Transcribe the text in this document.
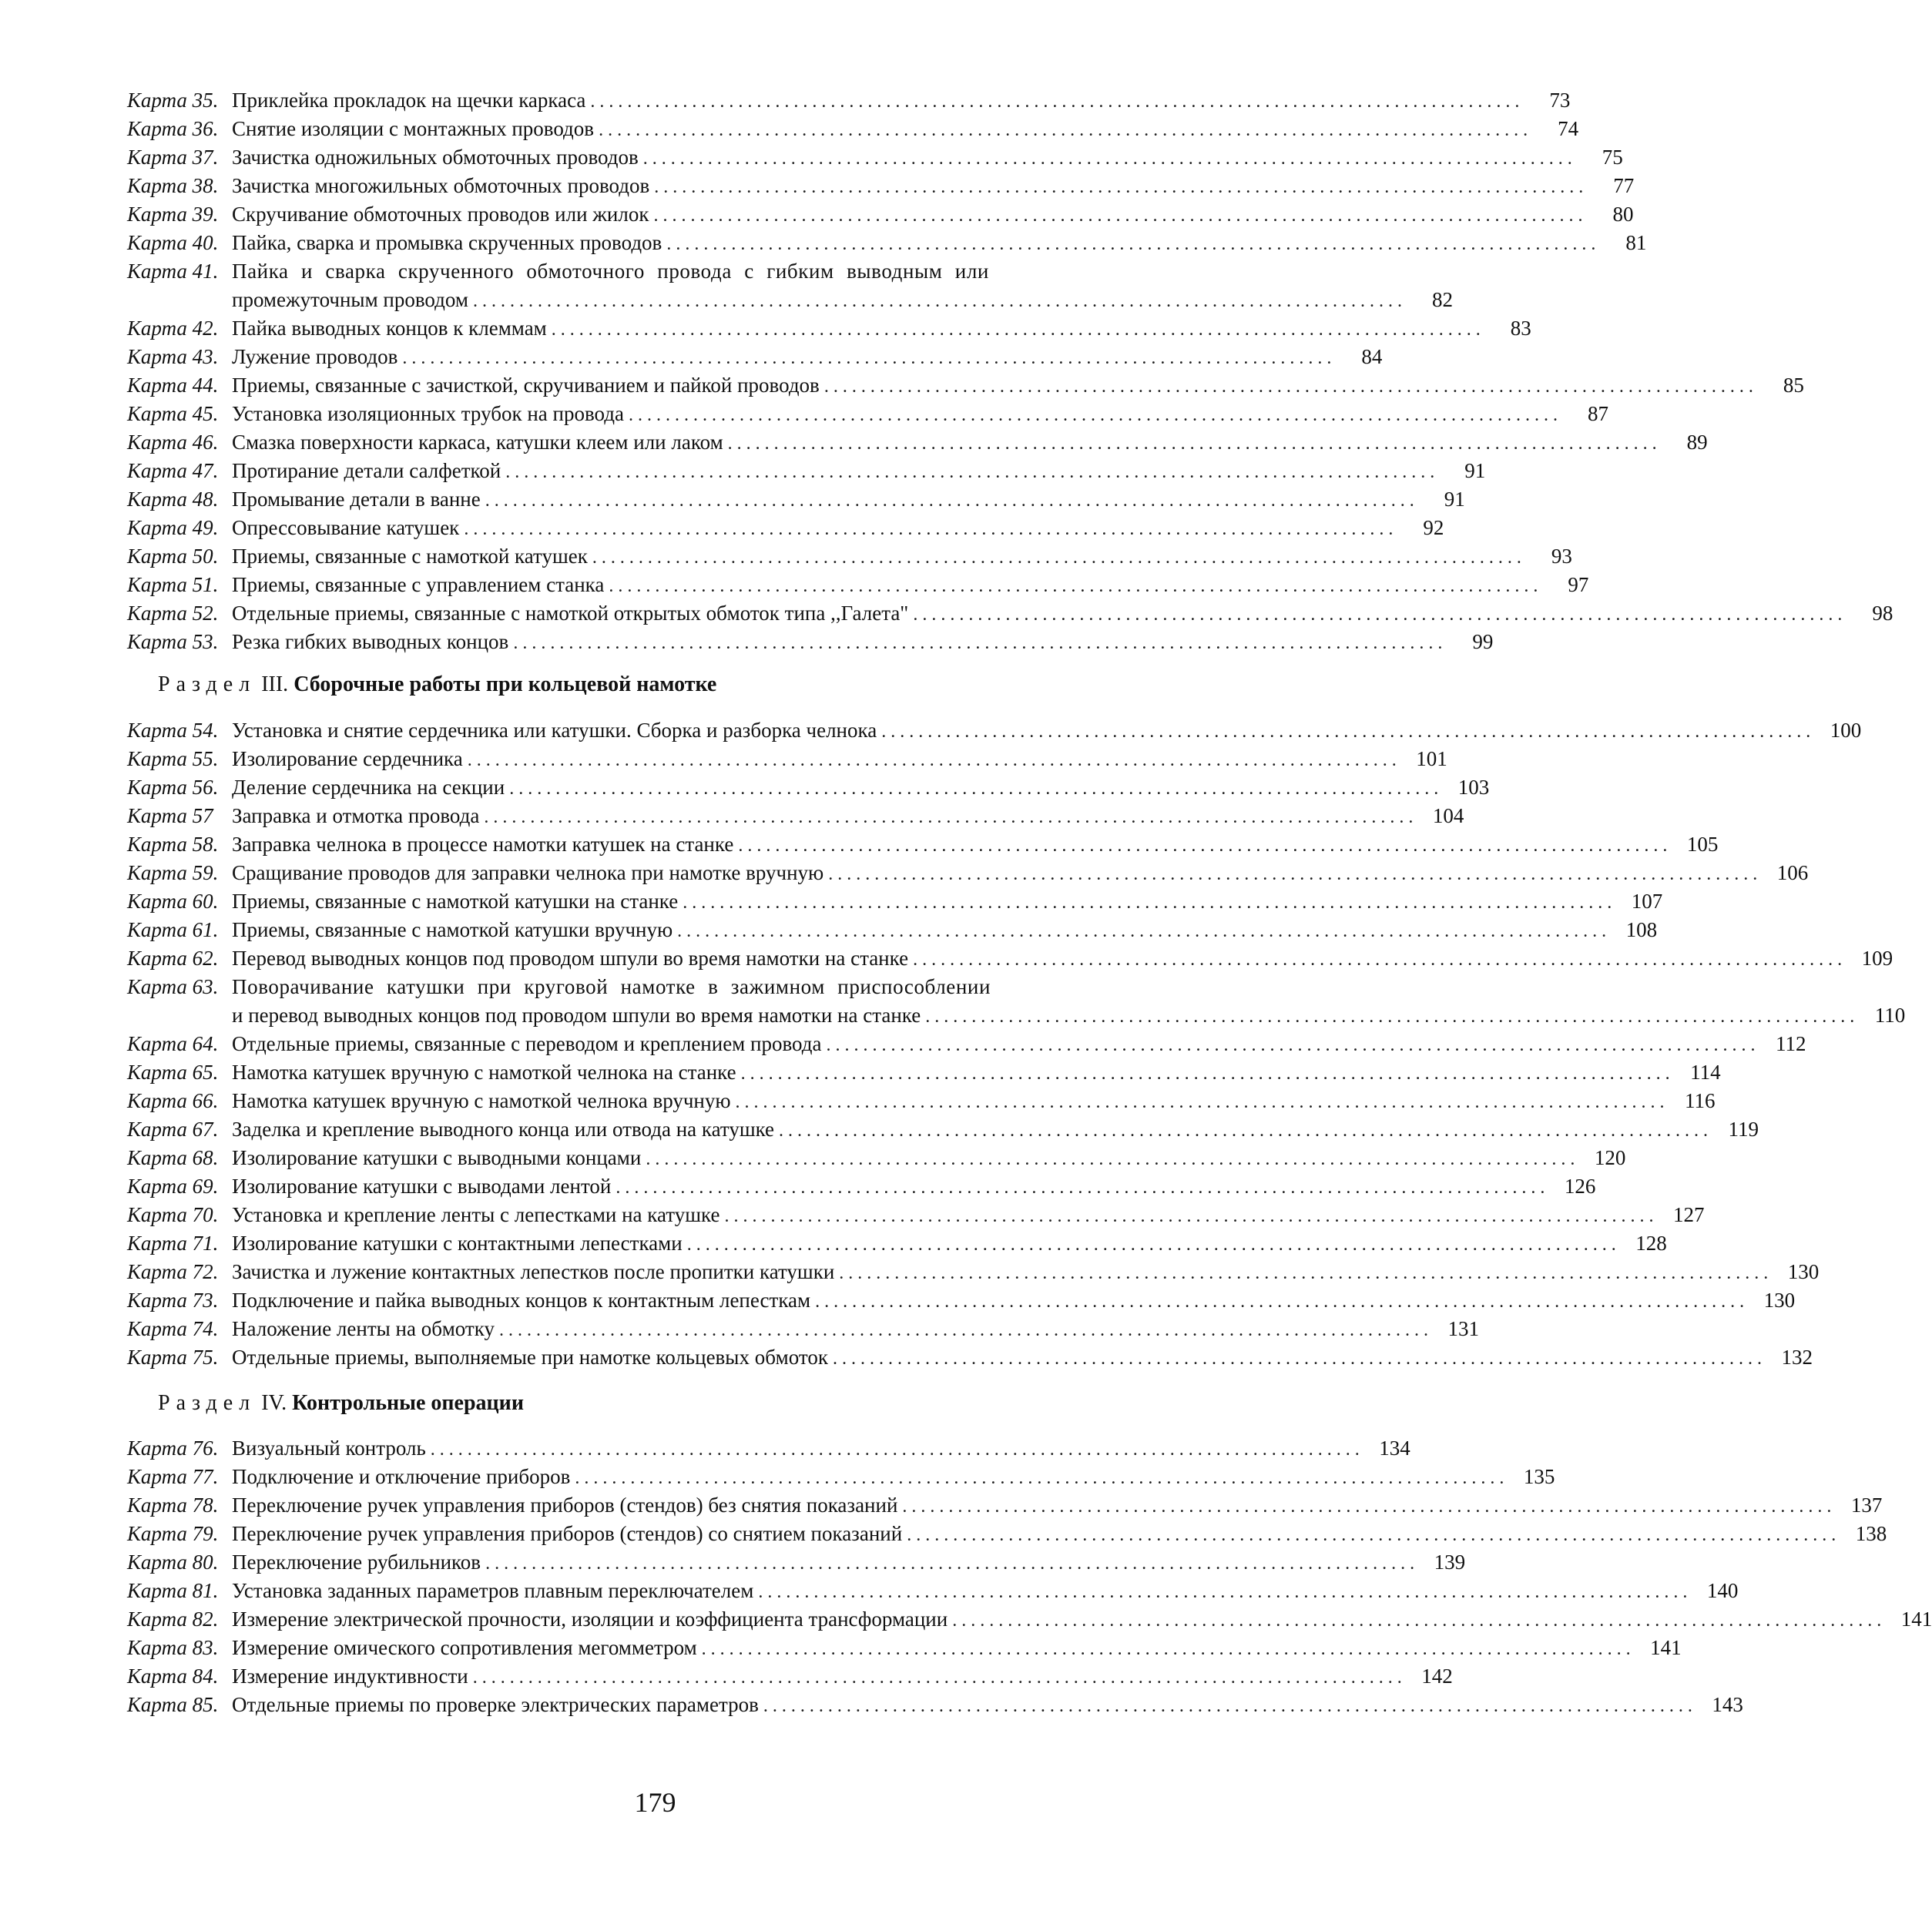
Карта 35. Приклейка прокладок на щечки каркаса . . .	73
Карта 36. Снятие изоляции с монтажных проводов . . .	74
Карта 37. Зачистка одножильных обмоточных проводов . . .	75
Карта 38. Зачистка многожильных обмоточных проводов . . .	77
Карта 39. Скручивание обмоточных проводов или жилок . . .	80
Карта 40. Пайка, сварка и промывка скрученных проводов . . .	81
Карта 41. Пайка и сварка скрученного обмоточного провода с гибким выводным или
промежуточным проводом . . .	82
Карта 42. Пайка выводных концов к клеммам . . .	83
Карта 43. Лужение проводов . . .	84
Карта 44. Приемы, связанные с зачисткой, скручиванием и пайкой проводов . . .	85
Карта 45. Установка изоляционных трубок на провода . . .	87
Карта 46. Смазка поверхности каркаса, катушки клеем или лаком . . .	89
Карта 47. Протирание детали салфеткой . . .	91
Карта 48. Промывание детали в ванне . . .	91
Карта 49. Опрессовывание катушек . . .	92
Карта 50. Приемы, связанные с намоткой катушек . . .	93
Карта 51. Приемы, связанные с управлением станка . . .	97
Карта 52. Отдельные приемы, связанные с намоткой открытых обмоток типа ,,Галета" . . .	98
Карта 53. Резка гибких выводных концов . . .	99
Раздел III. Сборочные работы при кольцевой намотке
Карта 54. Установка и снятие сердечника или катушки. Сборка и разборка челнока . . .	100
Карта 55. Изолирование сердечника . . .	101
Карта 56. Деление сердечника на секции . . .	103
Карта 57 Заправка и отмотка провода . . .	104
Карта 58. Заправка челнока в процессе намотки катушек на станке . . .	105
Карта 59. Сращивание проводов для заправки челнока при намотке вручную . . .	106
Карта 60. Приемы, связанные с намоткой катушки на станке . . .	107
Карта 61. Приемы, связанные с намоткой катушки вручную . . .	108
Карта 62. Перевод выводных концов под проводом шпули во время намотки на станке . . .	109
Карта 63. Поворачивание катушки при круговой намотке в зажимном приспособлении
и перевод выводных концов под проводом шпули во время намотки на станке . . .	110
Карта 64. Отдельные приемы, связанные с переводом и креплением провода . . .	112
Карта 65. Намотка катушек вручную с намоткой челнока на станке . . .	114
Карта 66. Намотка катушек вручную с намоткой челнока вручную . . .	116
Карта 67. Заделка и крепление выводного конца или отвода на катушке . . .	119
Карта 68. Изолирование катушки с выводными концами . . .	120
Карта 69. Изолирование катушки с выводами лентой . . .	126
Карта 70. Установка и крепление ленты с лепестками на катушке . . .	127
Карта 71. Изолирование катушки с контактными лепестками . . .	128
Карта 72. Зачистка и лужение контактных лепестков после пропитки катушки . . .	130
Карта 73. Подключение и пайка выводных концов к контактным лепесткам . . .	130
Карта 74. Наложение ленты на обмотку . . .	131
Карта 75. Отдельные приемы, выполняемые при намотке кольцевых обмоток . . .	132
Раздел IV. Контрольные операции
Карта 76. Визуальный контроль . . .	134
Карта 77. Подключение и отключение приборов . . .	135
Карта 78. Переключение ручек управления приборов (стендов) без снятия показаний . . .	137
Карта 79. Переключение ручек управления приборов (стендов) со снятием показаний . . .	138
Карта 80. Переключение рубильников . . .	139
Карта 81. Установка заданных параметров плавным переключателем . . .	140
Карта 82. Измерение электрической прочности, изоляции и коэффициента трансформации . . .	141
Карта 83. Измерение омического сопротивления мегомметром . . .	141
Карта 84. Измерение индуктивности . . .	142
Карта 85. Отдельные приемы по проверке электрических параметров . . .	143
179
